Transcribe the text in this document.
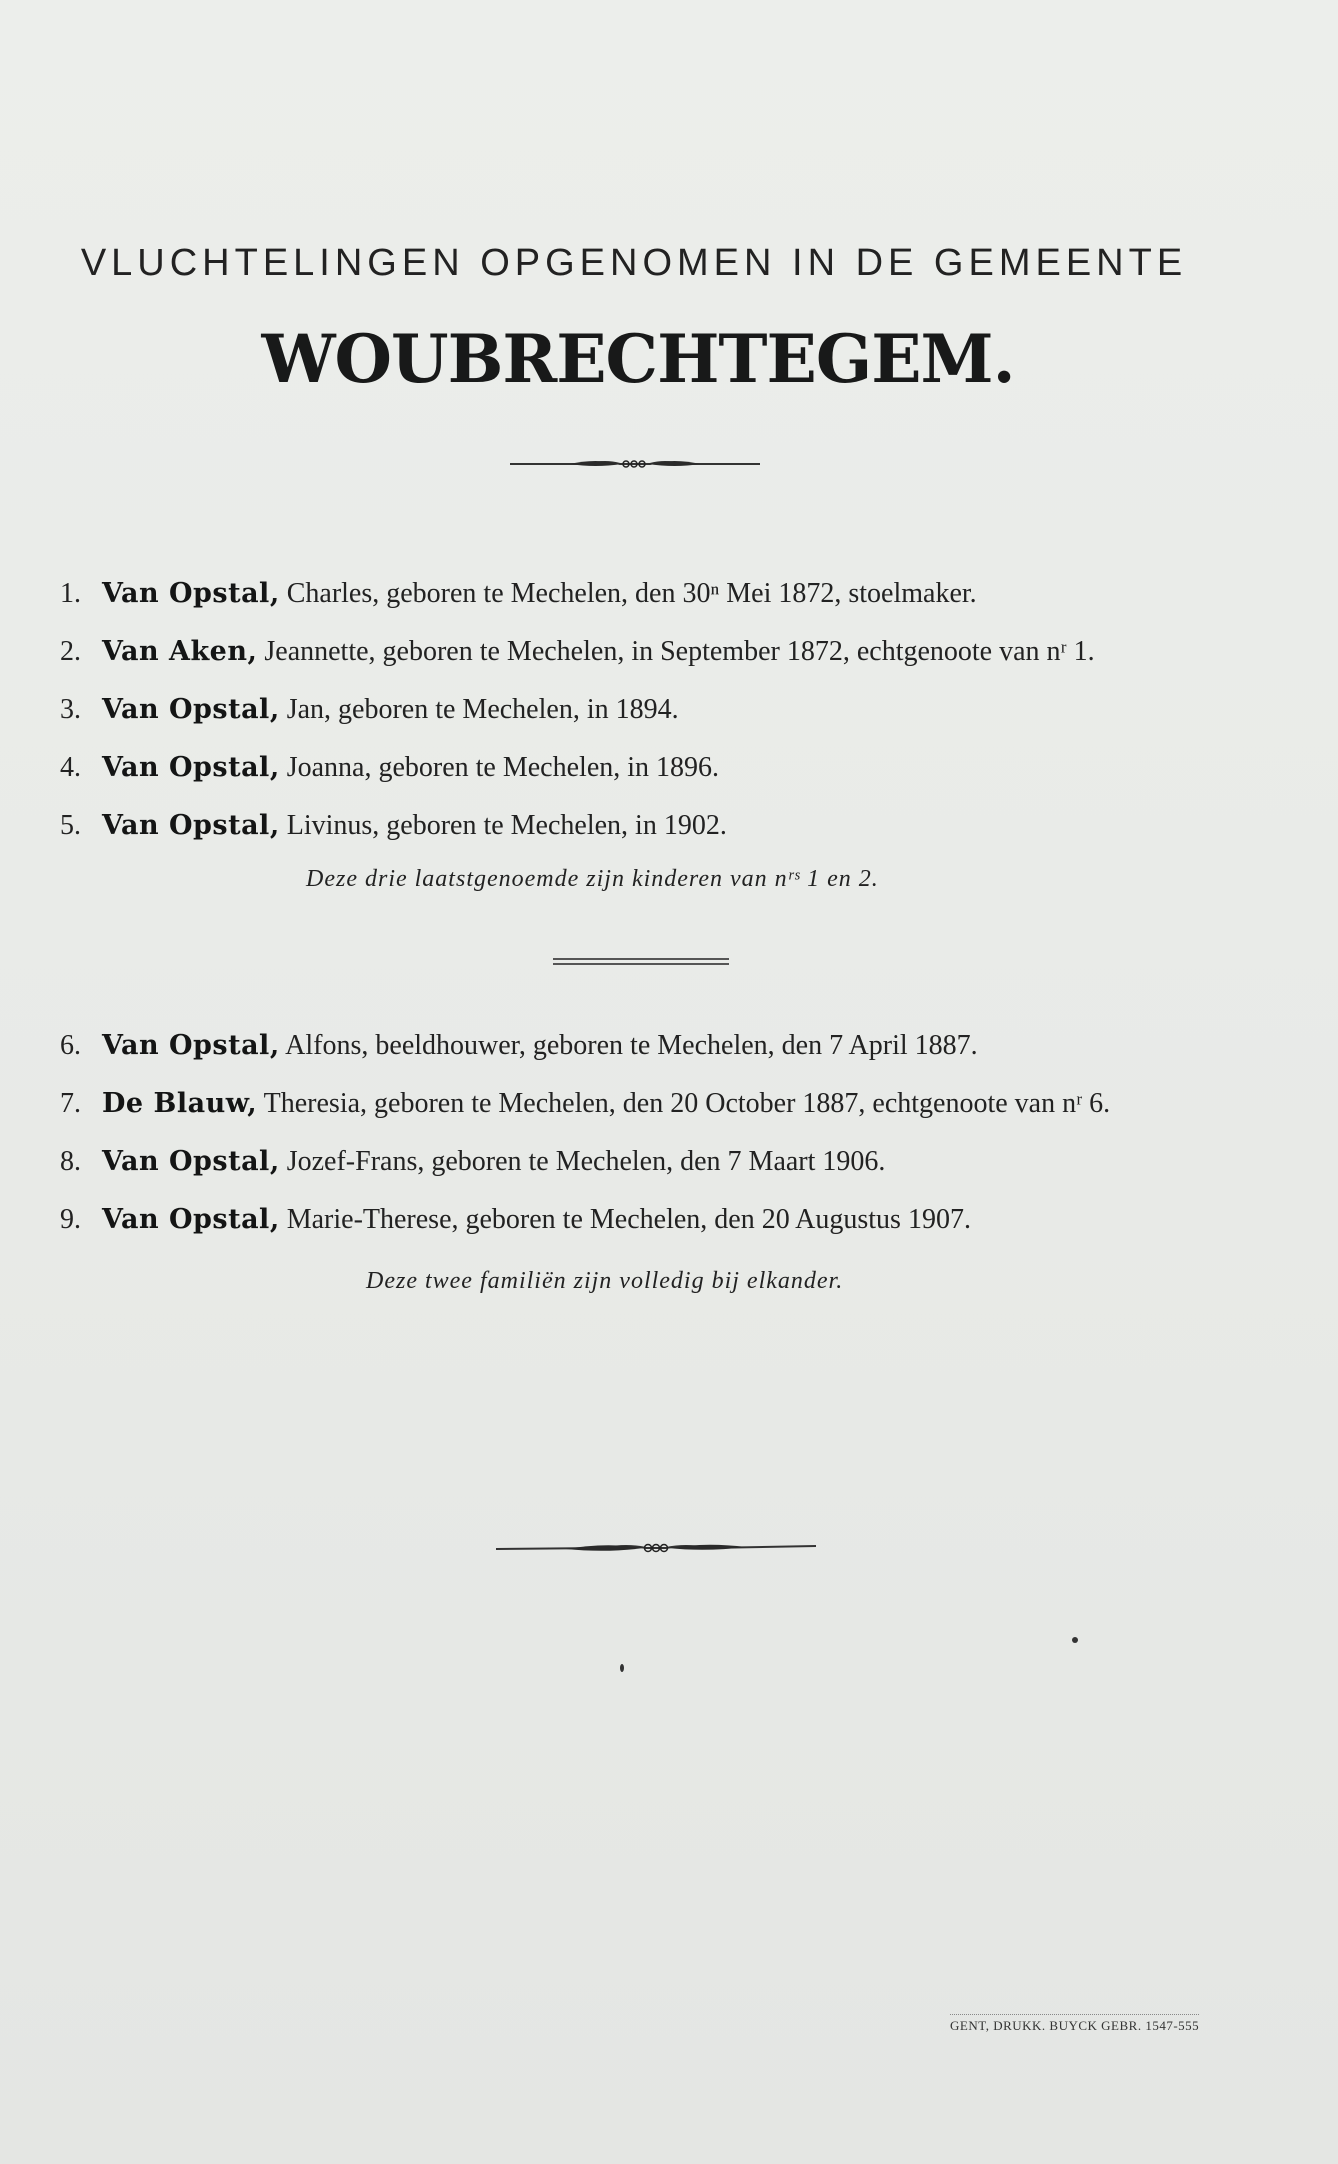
VLUCHTELINGEN OPGENOMEN IN DE GEMEENTE
WOUBRECHTEGEM.
1. Van Opstal, Charles, geboren te Mechelen, den 30ⁿ Mei 1872, stoelmaker.
2. Van Aken, Jeannette, geboren te Mechelen, in September 1872, echtgenoote van nʳ 1.
3. Van Opstal, Jan, geboren te Mechelen, in 1894.
4. Van Opstal, Joanna, geboren te Mechelen, in 1896.
5. Van Opstal, Livinus, geboren te Mechelen, in 1902.
Deze drie laatstgenoemde zijn kinderen van nʳˢ 1 en 2.
6. Van Opstal, Alfons, beeldhouwer, geboren te Mechelen, den 7 April 1887.
7. De Blauw, Theresia, geboren te Mechelen, den 20 October 1887, echtgenoote van nʳ 6.
8. Van Opstal, Jozef-Frans, geboren te Mechelen, den 7 Maart 1906.
9. Van Opstal, Marie-Therese, geboren te Mechelen, den 20 Augustus 1907.
Deze twee familiën zijn volledig bij elkander.
GENT, DRUKK. BUYCK GEBR. 1547-555
